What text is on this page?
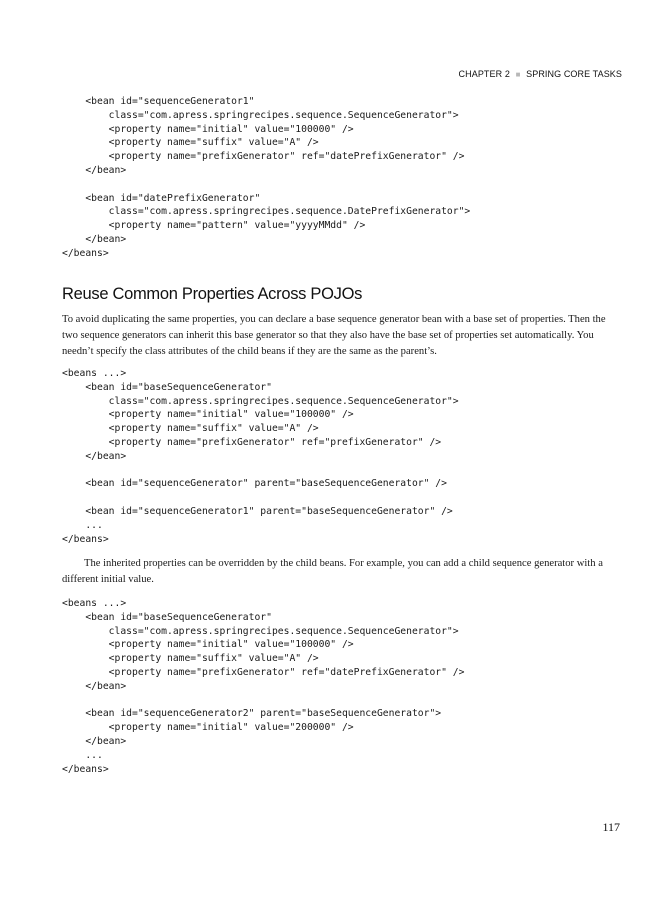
CHAPTER 2 ■ SPRING CORE TASKS
<bean id="sequenceGenerator1"
class="com.apress.springrecipes.sequence.SequenceGenerator">
<property name="initial" value="100000" />
<property name="suffix" value="A" />
<property name="prefixGenerator" ref="datePrefixGenerator" />
</bean>

<bean id="datePrefixGenerator"
class="com.apress.springrecipes.sequence.DatePrefixGenerator">
<property name="pattern" value="yyyyMMdd" />
</bean>
</beans>
Reuse Common Properties Across POJOs

To avoid duplicating the same properties, you can declare a base sequence generator bean with a base set of properties. Then the two sequence generators can inherit this base generator so that they also have the base set of properties set automatically. You needn’t specify the class attributes of the child beans if they are the same as the parent’s.

<beans ...>
<bean id="baseSequenceGenerator"
class="com.apress.springrecipes.sequence.SequenceGenerator">
<property name="initial" value="100000" />
<property name="suffix" value="A" />
<property name="prefixGenerator" ref="prefixGenerator" />
</bean>

<bean id="sequenceGenerator" parent="baseSequenceGenerator" />

<bean id="sequenceGenerator1" parent="baseSequenceGenerator" />
...
</beans>

The inherited properties can be overridden by the child beans. For example, you can add a child sequence generator with a different initial value.

<beans ...>
<bean id="baseSequenceGenerator"
class="com.apress.springrecipes.sequence.SequenceGenerator">
<property name="initial" value="100000" />
<property name="suffix" value="A" />
<property name="prefixGenerator" ref="datePrefixGenerator" />
</bean>

<bean id="sequenceGenerator2" parent="baseSequenceGenerator">
<property name="initial" value="200000" />
</bean>
...
</beans>
117
